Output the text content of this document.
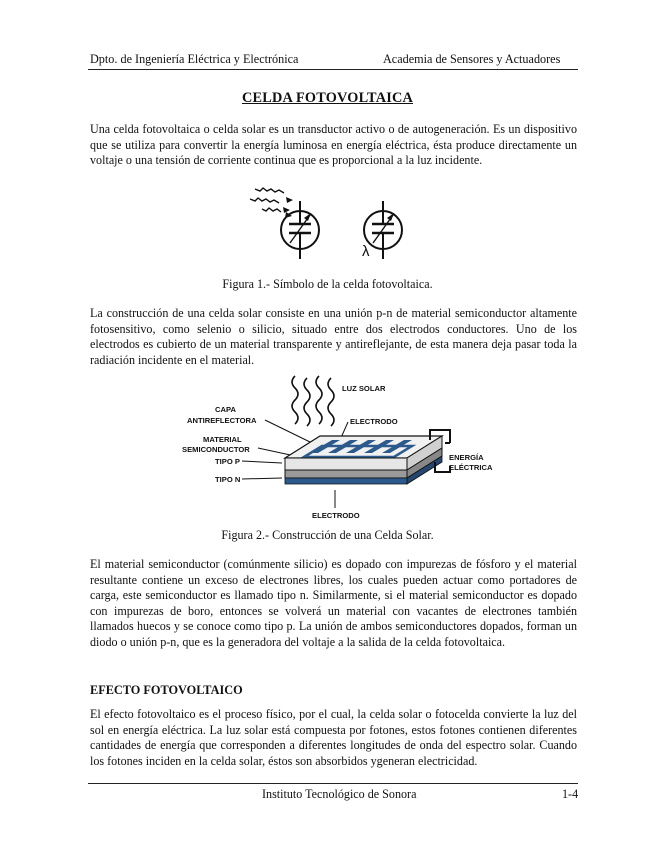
Dpto. de Ingeniería Eléctrica y Electrónica	Academia de Sensores y Actuadores
CELDA FOTOVOLTAICA

Una celda fotovoltaica o celda solar es un transductor activo o de autogeneración. Es un dispositivo que se utiliza para convertir la energía luminosa en energía eléctrica, ésta produce directamente un voltaje o una tensión de corriente continua que es proporcional a la luz incidente.

λ
Figura 1.- Símbolo de la celda fotovoltaica.

La construcción de una celda solar consiste en una unión p-n de material semiconductor altamente fotosensitivo, como selenio o silicio, situado entre dos electrodos conductores. Uno de los electrodos es cubierto de un material transparente y antireflejante, de esta manera deja pasar toda la radiación incidente en el material.

LUZ SOLAR
CAPA
ANTIREFLECTORA	ELECTRODO
MATERIAL
SEMICONDUCTOR
TIPO P
TIPO N
ENERGÍA
ELÉCTRICA
ELECTRODO
Figura 2.- Construcción de una Celda Solar.

El material semiconductor (comúnmente silicio) es dopado con impurezas de fósforo y el material resultante contiene un exceso de electrones libres, los cuales pueden actuar como portadores de carga, este semiconductor es llamado tipo n. Similarmente, si el material semiconductor es dopado con impurezas de boro, entonces se volverá un material con vacantes de electrones también llamados huecos y se conoce como tipo p. La unión de ambos semiconductores dopados, forman un diodo o unión p-n, que es la generadora del voltaje a la salida de la celda fotovoltaica.

EFECTO FOTOVOLTAICO

El efecto fotovoltaico es el proceso físico, por el cual, la celda solar o fotocelda convierte la luz del sol en energía eléctrica. La luz solar está compuesta por fotones, estos fotones contienen diferentes cantidades de energía que corresponden a diferentes longitudes de onda del espectro solar. Cuando los fotones inciden en la celda solar, éstos son absorbidos ygeneran electricidad.

Instituto Tecnológico de Sonora	1-4
